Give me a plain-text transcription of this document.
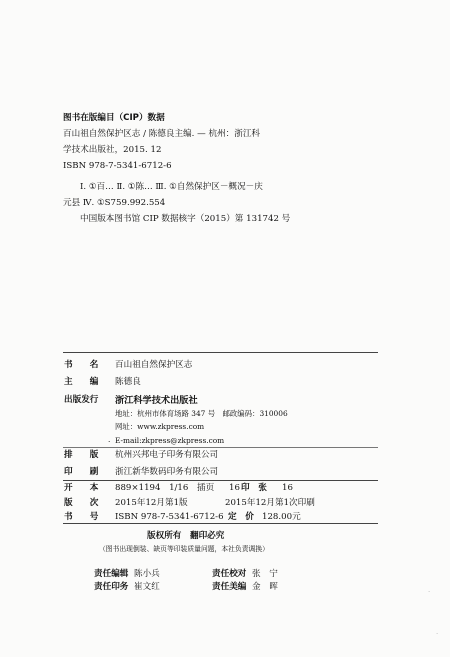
图书在版编目（CIP）数据
百山祖自然保护区志 / 陈德良主编. — 杭州：浙江科
学技术出版社，2015. 12
ISBN 978-7-5341-6712-6
Ⅰ. ①百… Ⅱ. ①陈… Ⅲ. ①自然保护区－概况－庆
元县 Ⅳ. ①S759.992.554
中国版本图书馆 CIP 数据核字（2015）第 131742 号
书　　名 百山祖自然保护区志
主　　编 陈德良
出版发行 浙江科学技术出版社
地址：杭州市体育场路 347 号　邮政编码：310006
网址：www.zkpress.com
. E-mail:zkpress@zkpress.com
排　　版 杭州兴邦电子印务有限公司
印　　刷 浙江新华数码印务有限公司
开　　本 889×1194　1/16 插页 16 印　张 16
版　　次 2015年12月第1版	2015年12月第1次印刷
书　　号 ISBN 978-7-5341-6712-6 定　价 128.00元
版权所有　翻印必究
（图书出现倒装、缺页等印装质量问题，本社负责调换）
责任编辑 陈小兵	责任校对 张　宁
责任印务 崔文红	责任美编 金　晖	·
·
